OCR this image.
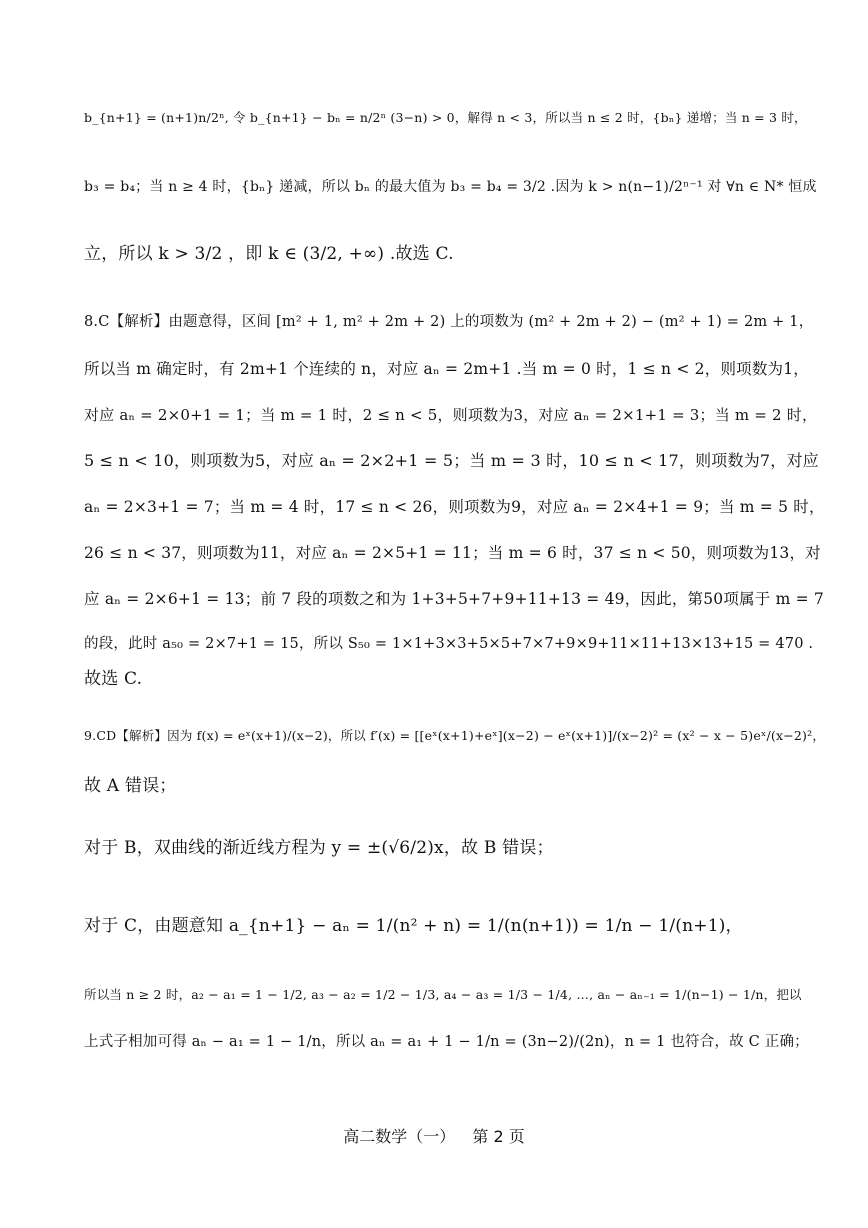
b_{n+1} = (n+1)n/2ⁿ, 令 b_{n+1} − bₙ = n/2ⁿ (3−n) > 0，解得 n < 3，所以当 n ≤ 2 时，{bₙ} 递增；当 n = 3 时，
b₃ = b₄；当 n ≥ 4 时，{bₙ} 递减，所以 bₙ 的最大值为 b₃ = b₄ = 3/2 .因为 k > n(n−1)/2ⁿ⁻¹ 对 ∀n ∈ N* 恒成
立，所以 k > 3/2 ，即 k ∈ (3/2, +∞) .故选 C.
8.C【解析】由题意得，区间 [m² + 1, m² + 2m + 2) 上的项数为 (m² + 2m + 2) − (m² + 1) = 2m + 1，
所以当 m 确定时，有 2m+1 个连续的 n，对应 aₙ = 2m+1 .当 m = 0 时，1 ≤ n < 2，则项数为1，
对应 aₙ = 2×0+1 = 1；当 m = 1 时，2 ≤ n < 5，则项数为3，对应 aₙ = 2×1+1 = 3；当 m = 2 时，
5 ≤ n < 10，则项数为5，对应 aₙ = 2×2+1 = 5；当 m = 3 时，10 ≤ n < 17，则项数为7，对应
aₙ = 2×3+1 = 7；当 m = 4 时，17 ≤ n < 26，则项数为9，对应 aₙ = 2×4+1 = 9；当 m = 5 时，
26 ≤ n < 37，则项数为11，对应 aₙ = 2×5+1 = 11；当 m = 6 时，37 ≤ n < 50，则项数为13，对
应 aₙ = 2×6+1 = 13；前 7 段的项数之和为 1+3+5+7+9+11+13 = 49，因此，第50项属于 m = 7
的段，此时 a₅₀ = 2×7+1 = 15，所以 S₅₀ = 1×1+3×3+5×5+7×7+9×9+11×11+13×13+15 = 470 .
故选 C.
9.CD【解析】因为 f(x) = eˣ(x+1)/(x−2)，所以 f′(x) = [[eˣ(x+1)+eˣ](x−2) − eˣ(x+1)]/(x−2)² = (x² − x − 5)eˣ/(x−2)²，
故 A 错误；
对于 B，双曲线的渐近线方程为 y = ±(√6/2)x，故 B 错误；
对于 C，由题意知 a_{n+1} − aₙ = 1/(n² + n) = 1/(n(n+1)) = 1/n − 1/(n+1)，
所以当 n ≥ 2 时，a₂ − a₁ = 1 − 1/2, a₃ − a₂ = 1/2 − 1/3, a₄ − a₃ = 1/3 − 1/4, …, aₙ − aₙ₋₁ = 1/(n−1) − 1/n，把以
上式子相加可得 aₙ − a₁ = 1 − 1/n，所以 aₙ = a₁ + 1 − 1/n = (3n−2)/(2n)，n = 1 也符合，故 C 正确；
高二数学（一） 第 2 页
